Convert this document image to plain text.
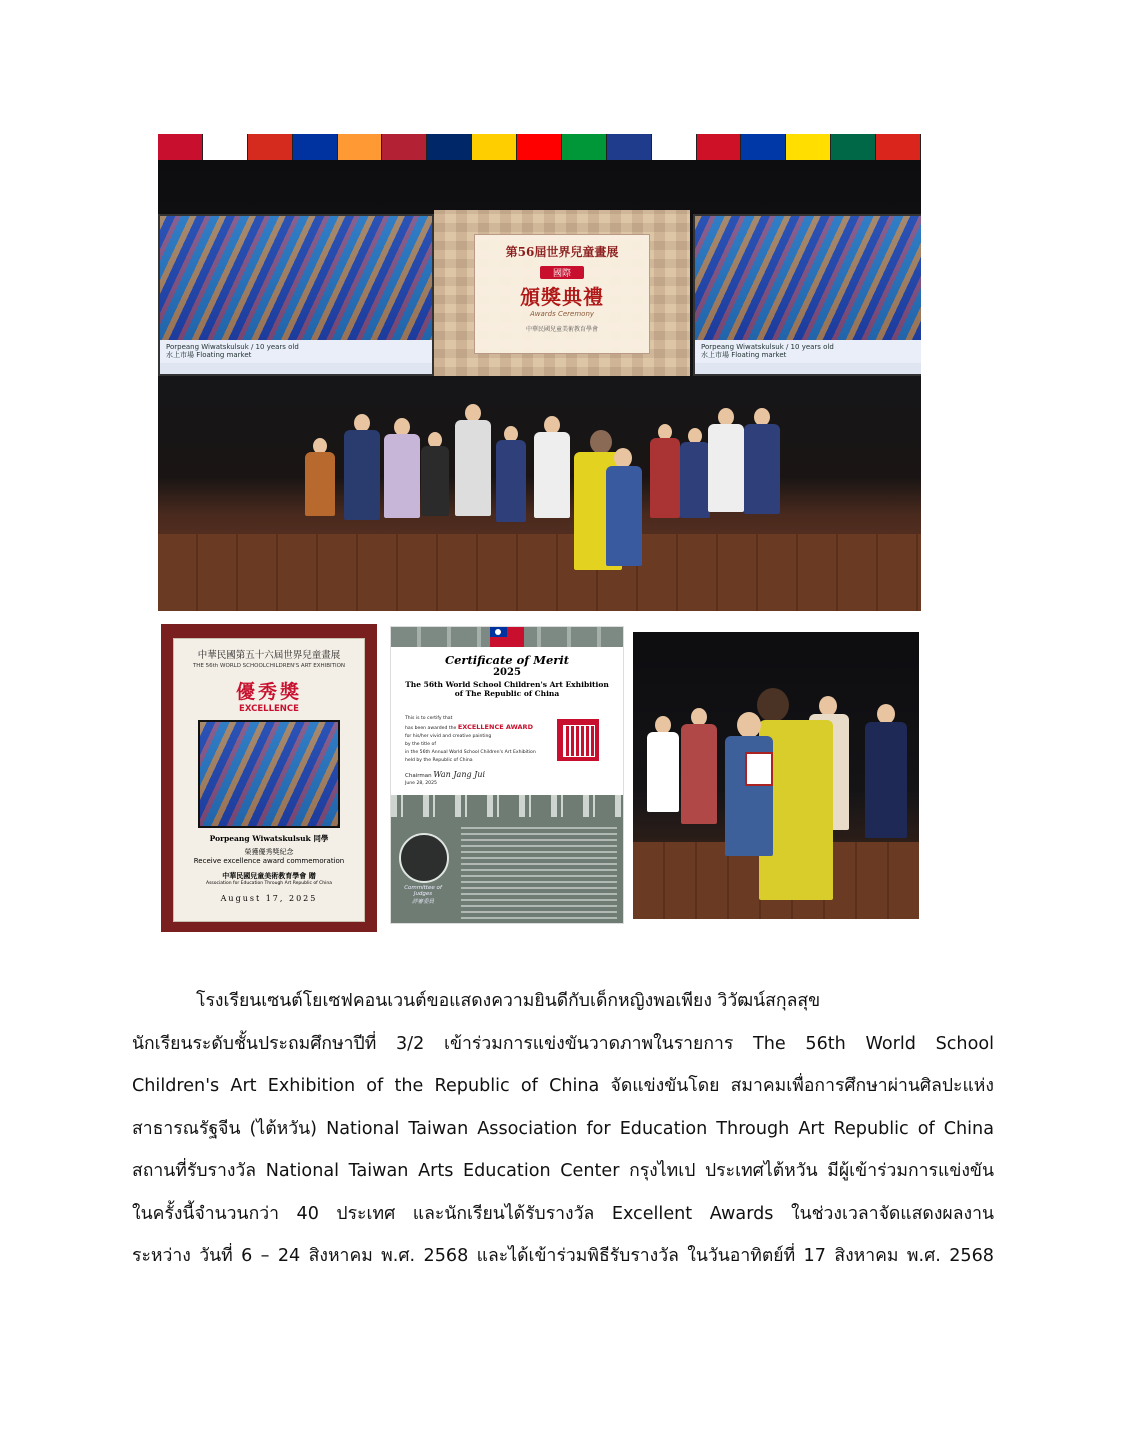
Porpeang Wiwatskulsuk / 10 years old
水上市場 Floating market
第56屆世界兒童畫展
國際
頒獎典禮
Awards Ceremony
中華民國兒童美術教育學會
Porpeang Wiwatskulsuk / 10 years old
水上市場 Floating market
中華民國第五十六屆世界兒童畫展
THE 56th WORLD SCHOOLCHILDREN'S ART EXHIBITION
優秀獎
EXCELLENCE
Porpeang Wiwatskulsuk 同學
榮獲優秀獎紀念
Receive excellence award commemoration
中華民國兒童美術教育學會 贈
Association for Education Through Art Republic of China
August 17, 2025
Certificate of Merit
2025
The 56th World School Children's Art Exhibition
of The Republic of China
This is to certify that
has been awarded the EXCELLENCE AWARD
for his/her vivid and creative painting
by the title of
in the 56th Annual World School Children's Art Exhibition
held by the Republic of China
Chairman Wan Jang Jui
June 28, 2025
Committee of Judges
評審委員

โรงเรียนเซนต์โยเซฟคอนเวนต์ขอแสดงความยินดีกับเด็กหญิงพอเพียง วิวัฒน์สกุลสุข

นักเรียนระดับชั้นประถมศึกษาปีที่ 3/2 เข้าร่วมการแข่งขันวาดภาพในรายการ The 56th World School

Children's Art Exhibition of the Republic of China จัดแข่งขันโดย สมาคมเพื่อการศึกษาผ่านศิลปะแห่ง

สาธารณรัฐจีน (ไต้หวัน) National Taiwan Association for Education Through Art Republic of China

สถานที่รับรางวัล National Taiwan Arts Education Center กรุงไทเป ประเทศไต้หวัน มีผู้เข้าร่วมการแข่งขัน

ในครั้งนี้จำนวนกว่า 40 ประเทศ และนักเรียนได้รับรางวัล Excellent Awards ในช่วงเวลาจัดแสดงผลงาน

ระหว่าง วันที่ 6 – 24 สิงหาคม พ.ศ. 2568 และได้เข้าร่วมพิธีรับรางวัล ในวันอาทิตย์ที่ 17 สิงหาคม พ.ศ. 2568
